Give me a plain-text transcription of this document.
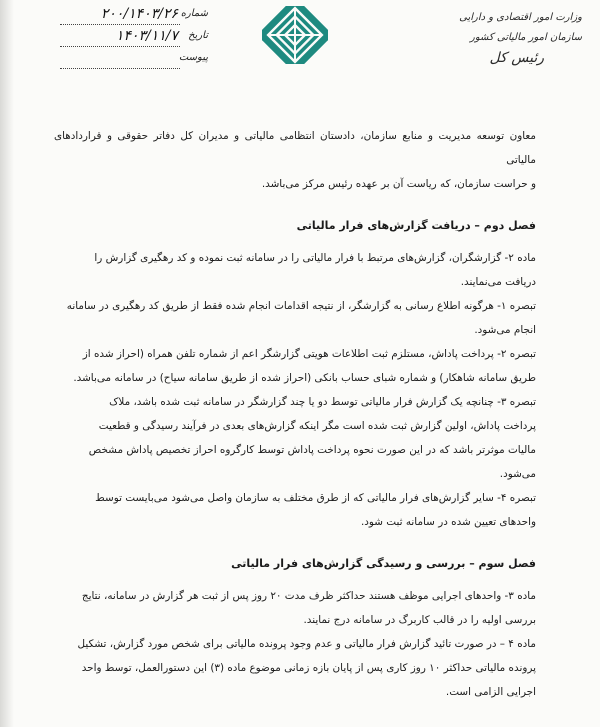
وزارت امور اقتصادی و دارایی
سازمان امور مالیاتی کشور
رئیس کل
شماره
۲۰۰/۱۴۰۳/۲۶
تاریخ
۱۴۰۳/۱۱/۷
پیوست

معاون توسعه مدیریت و منابع سازمان، دادستان انتظامی مالیاتی و مدیران کل دفاتر حقوقی و قراردادهای مالیاتی

و حراست سازمان، که ریاست آن بر عهده رئیس مرکز می‌باشد.

فصل دوم – دریافت گزارش‌های فرار مالیاتی

ماده ۲- گزارشگران، گزارش‌های مرتبط با فرار مالیاتی را در سامانه ثبت نموده و کد رهگیری گزارش را

دریافت می‌نمایند.

تبصره ۱- هرگونه اطلاع رسانی به گزارشگر، از نتیجه اقدامات انجام شده فقط از طریق کد رهگیری در سامانه

انجام می‌شود.

تبصره ۲- پرداخت پاداش، مستلزم ثبت اطلاعات هویتی گزارشگر اعم از شماره تلفن همراه (احراز شده از

طریق سامانه شاهکار) و شماره شبای حساب بانکی (احراز شده از طریق سامانه سیاح) در سامانه می‌باشد.

تبصره ۳- چنانچه یک گزارش فرار مالیاتی توسط دو یا چند گزارشگر در سامانه ثبت شده باشد، ملاک

پرداخت پاداش، اولین گزارش ثبت شده است مگر اینکه گزارش‌های بعدی در فرآیند رسیدگی و قطعیت

مالیات موثرتر باشد که در این صورت نحوه پرداخت پاداش توسط کارگروه احراز تخصیص پاداش مشخص

می‌شود.

تبصره ۴- سایر گزارش‌های فرار مالیاتی که از طرق مختلف به سازمان واصل می‌شود می‌بایست توسط

واحدهای تعیین شده در سامانه ثبت شود.

فصل سوم – بررسی و رسیدگی گزارش‌های فرار مالیاتی

ماده ۳- واحدهای اجرایی موظف هستند حداکثر ظرف مدت ۲۰ روز پس از ثبت هر گزارش در سامانه، نتایج

بررسی اولیه را در قالب کاربرگ در سامانه درج نمایند.

ماده ۴ – در صورت تائید گزارش فرار مالیاتی و عدم وجود پرونده مالیاتی برای شخص مورد گزارش، تشکیل

پرونده مالیاتی حداکثر ۱۰ روز کاری پس از پایان بازه زمانی موضوع ماده (۳) این دستورالعمل، توسط واحد

اجرایی الزامی است.
